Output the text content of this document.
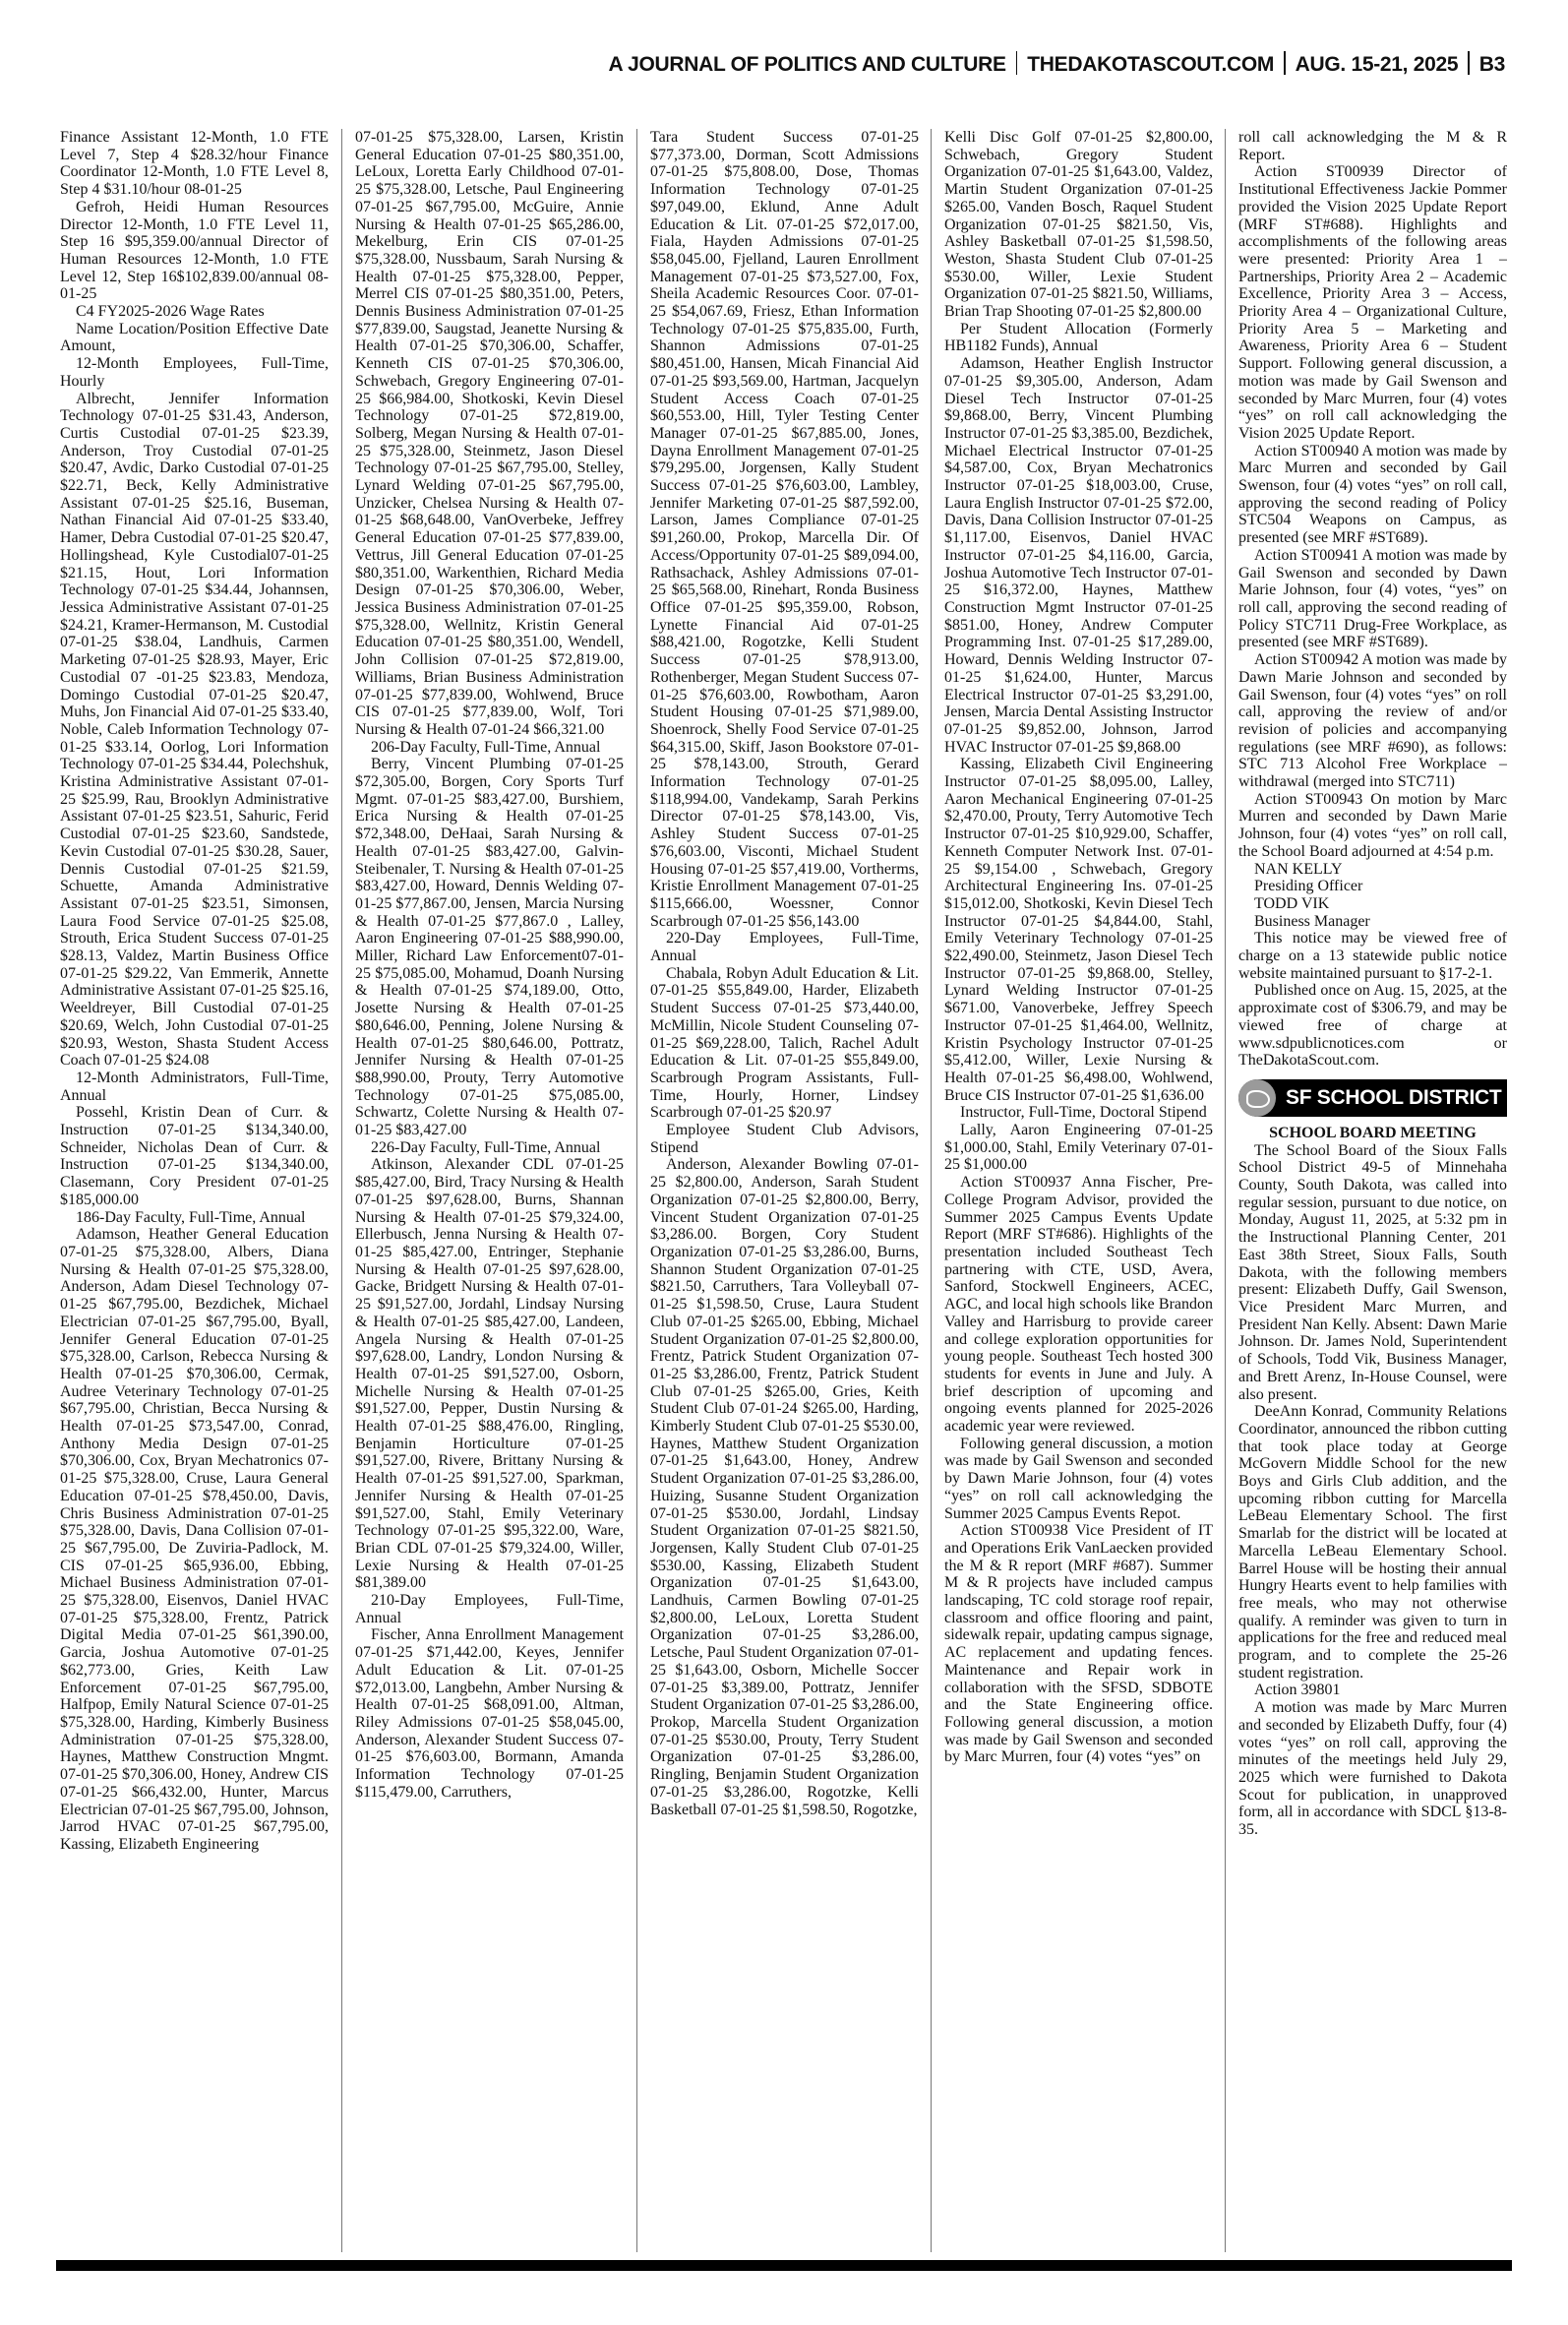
A JOURNAL OF POLITICS AND CULTURE THEDAKOTASCOUT.COM AUG. 15-21, 2025 B3

Finance Assistant 12-Month, 1.0 FTE Level 7, Step 4 $28.32/hour Finance Coordinator 12-Month, 1.0 FTE Level 8, Step 4 $31.10/hour 08-01-25

Gefroh, Heidi Human Resources Director 12-Month, 1.0 FTE Level 11, Step 16 $95,359.00/annual Director of Human Resources 12-Month, 1.0 FTE Level 12, Step 16$102,839.00/annual 08-01-25

C4 FY2025-2026 Wage Rates

Name Location/Position Effective Date Amount,

12-Month Employees, Full-Time, Hourly

Albrecht, Jennifer Information Technology 07-01-25 $31.43, Anderson, Curtis Custodial 07-01-25 $23.39, Anderson, Troy Custodial 07-01-25 $20.47, Avdic, Darko Custodial 07-01-25 $22.71, Beck, Kelly Administrative Assistant 07-01-25 $25.16, Buseman, Nathan Financial Aid 07-01-25 $33.40, Hamer, Debra Custodial 07-01-25 $20.47, Hollingshead, Kyle Custodial07-01-25 $21.15, Hout, Lori Information Technology 07-01-25 $34.44, Johannsen, Jessica Administrative Assistant 07-01-25 $24.21, Kramer-Hermanson, M. Custodial 07-01-25 $38.04, Landhuis, Carmen Marketing 07-01-25 $28.93, Mayer, Eric Custodial 07 -01-25 $23.83, Mendoza, Domingo Custodial 07-01-25 $20.47, Muhs, Jon Financial Aid 07-01-25 $33.40, Noble, Caleb Information Technology 07-01-25 $33.14, Oorlog, Lori Information Technology 07-01-25 $34.44, Polechshuk, Kristina Administrative Assistant 07-01-25 $25.99, Rau, Brooklyn Administrative Assistant 07-01-25 $23.51, Sahuric, Ferid Custodial 07-01-25 $23.60, Sandstede, Kevin Custodial 07-01-25 $30.28, Sauer, Dennis Custodial 07-01-25 $21.59, Schuette, Amanda Administrative Assistant 07-01-25 $23.51, Simonsen, Laura Food Service 07-01-25 $25.08, Strouth, Erica Student Success 07-01-25 $28.13, Valdez, Martin Business Office 07-01-25 $29.22, Van Emmerik, Annette Administrative Assistant 07-01-25 $25.16, Weeldreyer, Bill Custodial 07-01-25 $20.69, Welch, John Custodial 07-01-25 $20.93, Weston, Shasta Student Access Coach 07-01-25 $24.08

12-Month Administrators, Full-Time, Annual

Possehl, Kristin Dean of Curr. & Instruction 07-01-25 $134,340.00, Schneider, Nicholas Dean of Curr. & Instruction 07-01-25 $134,340.00, Clasemann, Cory President 07-01-25 $185,000.00

186-Day Faculty, Full-Time, Annual

Adamson, Heather General Education 07-01-25 $75,328.00, Albers, Diana Nursing & Health 07-01-25 $75,328.00, Anderson, Adam Diesel Technology 07-01-25 $67,795.00, Bezdichek, Michael Electrician 07-01-25 $67,795.00, Byall, Jennifer General Education 07-01-25 $75,328.00, Carlson, Rebecca Nursing & Health 07-01-25 $70,306.00, Cermak, Audree Veterinary Technology 07-01-25 $67,795.00, Christian, Becca Nursing & Health 07-01-25 $73,547.00, Conrad, Anthony Media Design 07-01-25 $70,306.00, Cox, Bryan Mechatronics 07-01-25 $75,328.00, Cruse, Laura General Education 07-01-25 $78,450.00, Davis, Chris Business Administration 07-01-25 $75,328.00, Davis, Dana Collision 07-01-25 $67,795.00, De Zuviria-Padlock, M. CIS 07-01-25 $65,936.00, Ebbing, Michael Business Administration 07-01-25 $75,328.00, Eisenvos, Daniel HVAC 07-01-25 $75,328.00, Frentz, Patrick Digital Media 07-01-25 $61,390.00, Garcia, Joshua Automotive 07-01-25 $62,773.00, Gries, Keith Law Enforcement 07-01-25 $67,795.00, Halfpop, Emily Natural Science 07-01-25 $75,328.00, Harding, Kimberly Business Administration 07-01-25 $75,328.00, Haynes, Matthew Construction Mngmt. 07-01-25 $70,306.00, Honey, Andrew CIS 07-01-25 $66,432.00, Hunter, Marcus Electrician 07-01-25 $67,795.00, Johnson, Jarrod HVAC 07-01-25 $67,795.00, Kassing, Elizabeth Engineering

07-01-25 $75,328.00, Larsen, Kristin General Education 07-01-25 $80,351.00, LeLoux, Loretta Early Childhood 07-01-25 $75,328.00, Letsche, Paul Engineering 07-01-25 $67,795.00, McGuire, Annie Nursing & Health 07-01-25 $65,286.00, Mekelburg, Erin CIS 07-01-25 $75,328.00, Nussbaum, Sarah Nursing & Health 07-01-25 $75,328.00, Pepper, Merrel CIS 07-01-25 $80,351.00, Peters, Dennis Business Administration 07-01-25 $77,839.00, Saugstad, Jeanette Nursing & Health 07-01-25 $70,306.00, Schaffer, Kenneth CIS 07-01-25 $70,306.00, Schwebach, Gregory Engineering 07-01-25 $66,984.00, Shotkoski, Kevin Diesel Technology 07-01-25 $72,819.00, Solberg, Megan Nursing & Health 07-01-25 $75,328.00, Steinmetz, Jason Diesel Technology 07-01-25 $67,795.00, Stelley, Lynard Welding 07-01-25 $67,795.00, Unzicker, Chelsea Nursing & Health 07-01-25 $68,648.00, VanOverbeke, Jeffrey General Education 07-01-25 $77,839.00, Vettrus, Jill General Education 07-01-25 $80,351.00, Warkenthien, Richard Media Design 07-01-25 $70,306.00, Weber, Jessica Business Administration 07-01-25 $75,328.00, Wellnitz, Kristin General Education 07-01-25 $80,351.00, Wendell, John Collision 07-01-25 $72,819.00, Williams, Brian Business Administration 07-01-25 $77,839.00, Wohlwend, Bruce CIS 07-01-25 $77,839.00, Wolf, Tori Nursing & Health 07-01-24 $66,321.00

206-Day Faculty, Full-Time, Annual

Berry, Vincent Plumbing 07-01-25 $72,305.00, Borgen, Cory Sports Turf Mgmt. 07-01-25 $83,427.00, Burshiem, Erica Nursing & Health 07-01-25 $72,348.00, DeHaai, Sarah Nursing & Health 07-01-25 $83,427.00, Galvin-Steibenaler, T. Nursing & Health 07-01-25 $83,427.00, Howard, Dennis Welding 07-01-25 $77,867.00, Jensen, Marcia Nursing & Health 07-01-25 $77,867.0 , Lalley, Aaron Engineering 07-01-25 $88,990.00, Miller, Richard Law Enforcement07-01-25 $75,085.00, Mohamud, Doanh Nursing & Health 07-01-25 $74,189.00, Otto, Josette Nursing & Health 07-01-25 $80,646.00, Penning, Jolene Nursing & Health 07-01-25 $80,646.00, Pottratz, Jennifer Nursing & Health 07-01-25 $88,990.00, Prouty, Terry Automotive Technology 07-01-25 $75,085.00, Schwartz, Colette Nursing & Health 07-01-25 $83,427.00

226-Day Faculty, Full-Time, Annual

Atkinson, Alexander CDL 07-01-25 $85,427.00, Bird, Tracy Nursing & Health 07-01-25 $97,628.00, Burns, Shannan Nursing & Health 07-01-25 $79,324.00, Ellerbusch, Jenna Nursing & Health 07-01-25 $85,427.00, Entringer, Stephanie Nursing & Health 07-01-25 $97,628.00, Gacke, Bridgett Nursing & Health 07-01-25 $91,527.00, Jordahl, Lindsay Nursing & Health 07-01-25 $85,427.00, Landeen, Angela Nursing & Health 07-01-25 $97,628.00, Landry, London Nursing & Health 07-01-25 $91,527.00, Osborn, Michelle Nursing & Health 07-01-25 $91,527.00, Pepper, Dustin Nursing & Health 07-01-25 $88,476.00, Ringling, Benjamin Horticulture 07-01-25 $91,527.00, Rivere, Brittany Nursing & Health 07-01-25 $91,527.00, Sparkman, Jennifer Nursing & Health 07-01-25 $91,527.00, Stahl, Emily Veterinary Technology 07-01-25 $95,322.00, Ware, Brian CDL 07-01-25 $79,324.00, Willer, Lexie Nursing & Health 07-01-25 $81,389.00

210-Day Employees, Full-Time, Annual

Fischer, Anna Enrollment Management 07-01-25 $71,442.00, Keyes, Jennifer Adult Education & Lit. 07-01-25 $72,013.00, Langbehn, Amber Nursing & Health 07-01-25 $68,091.00, Altman, Riley Admissions 07-01-25 $58,045.00, Anderson, Alexander Student Success 07-01-25 $76,603.00, Bormann, Amanda Information Technology 07-01-25 $115,479.00, Carruthers,

Tara Student Success 07-01-25 $77,373.00, Dorman, Scott Admissions 07-01-25 $75,808.00, Dose, Thomas Information Technology 07-01-25 $97,049.00, Eklund, Anne Adult Education & Lit. 07-01-25 $72,017.00, Fiala, Hayden Admissions 07-01-25 $58,045.00, Fjelland, Lauren Enrollment Management 07-01-25 $73,527.00, Fox, Sheila Academic Resources Coor. 07-01-25 $54,067.69, Friesz, Ethan Information Technology 07-01-25 $75,835.00, Furth, Shannon Admissions 07-01-25 $80,451.00, Hansen, Micah Financial Aid 07-01-25 $93,569.00, Hartman, Jacquelyn Student Access Coach 07-01-25 $60,553.00, Hill, Tyler Testing Center Manager 07-01-25 $67,885.00, Jones, Dayna Enrollment Management 07-01-25 $79,295.00, Jorgensen, Kally Student Success 07-01-25 $76,603.00, Lambley, Jennifer Marketing 07-01-25 $87,592.00, Larson, James Compliance 07-01-25 $91,260.00, Prokop, Marcella Dir. Of Access/Opportunity 07-01-25 $89,094.00, Rathsachack, Ashley Admissions 07-01-25 $65,568.00, Rinehart, Ronda Business Office 07-01-25 $95,359.00, Robson, Lynette Financial Aid 07-01-25 $88,421.00, Rogotzke, Kelli Student Success 07-01-25 $78,913.00, Rothenberger, Megan Student Success 07-01-25 $76,603.00, Rowbotham, Aaron Student Housing 07-01-25 $71,989.00, Shoenrock, Shelly Food Service 07-01-25 $64,315.00, Skiff, Jason Bookstore 07-01-25 $78,143.00, Strouth, Gerard Information Technology 07-01-25 $118,994.00, Vandekamp, Sarah Perkins Director 07-01-25 $78,143.00, Vis, Ashley Student Success 07-01-25 $76,603.00, Visconti, Michael Student Housing 07-01-25 $57,419.00, Vortherms, Kristie Enrollment Management 07-01-25 $115,666.00, Woessner, Connor Scarbrough 07-01-25 $56,143.00

220-Day Employees, Full-Time, Annual

Chabala, Robyn Adult Education & Lit. 07-01-25 $55,849.00, Harder, Elizabeth Student Success 07-01-25 $73,440.00, McMillin, Nicole Student Counseling 07-01-25 $69,228.00, Talich, Rachel Adult Education & Lit. 07-01-25 $55,849.00, Scarbrough Program Assistants, Full-Time, Hourly, Horner, Lindsey Scarbrough 07-01-25 $20.97

Employee Student Club Advisors, Stipend

Anderson, Alexander Bowling 07-01-25 $2,800.00, Anderson, Sarah Student Organization 07-01-25 $2,800.00, Berry, Vincent Student Organization 07-01-25 $3,286.00. Borgen, Cory Student Organization 07-01-25 $3,286.00, Burns, Shannon Student Organization 07-01-25 $821.50, Carruthers, Tara Volleyball 07-01-25 $1,598.50, Cruse, Laura Student Club 07-01-25 $265.00, Ebbing, Michael Student Organization 07-01-25 $2,800.00, Frentz, Patrick Student Organization 07-01-25 $3,286.00, Frentz, Patrick Student Club 07-01-25 $265.00, Gries, Keith Student Club 07-01-24 $265.00, Harding, Kimberly Student Club 07-01-25 $530.00, Haynes, Matthew Student Organization 07-01-25 $1,643.00, Honey, Andrew Student Organization 07-01-25 $3,286.00, Huizing, Susanne Student Organization 07-01-25 $530.00, Jordahl, Lindsay Student Organization 07-01-25 $821.50, Jorgensen, Kally Student Club 07-01-25 $530.00, Kassing, Elizabeth Student Organization 07-01-25 $1,643.00, Landhuis, Carmen Bowling 07-01-25 $2,800.00, LeLoux, Loretta Student Organization 07-01-25 $3,286.00, Letsche, Paul Student Organization 07-01-25 $1,643.00, Osborn, Michelle Soccer 07-01-25 $3,389.00, Pottratz, Jennifer Student Organization 07-01-25 $3,286.00, Prokop, Marcella Student Organization 07-01-25 $530.00, Prouty, Terry Student Organization 07-01-25 $3,286.00, Ringling, Benjamin Student Organization 07-01-25 $3,286.00, Rogotzke, Kelli Basketball 07-01-25 $1,598.50, Rogotzke,

Kelli Disc Golf 07-01-25 $2,800.00, Schwebach, Gregory Student Organization 07-01-25 $1,643.00, Valdez, Martin Student Organization 07-01-25 $265.00, Vanden Bosch, Raquel Student Organization 07-01-25 $821.50, Vis, Ashley Basketball 07-01-25 $1,598.50, Weston, Shasta Student Club 07-01-25 $530.00, Willer, Lexie Student Organization 07-01-25 $821.50, Williams, Brian Trap Shooting 07-01-25 $2,800.00

Per Student Allocation (Formerly HB1182 Funds), Annual

Adamson, Heather English Instructor 07-01-25 $9,305.00, Anderson, Adam Diesel Tech Instructor 07-01-25 $9,868.00, Berry, Vincent Plumbing Instructor 07-01-25 $3,385.00, Bezdichek, Michael Electrical Instructor 07-01-25 $4,587.00, Cox, Bryan Mechatronics Instructor 07-01-25 $18,003.00, Cruse, Laura English Instructor 07-01-25 $72.00, Davis, Dana Collision Instructor 07-01-25 $1,117.00, Eisenvos, Daniel HVAC Instructor 07-01-25 $4,116.00, Garcia, Joshua Automotive Tech Instructor 07-01-25 $16,372.00, Haynes, Matthew Construction Mgmt Instructor 07-01-25 $851.00, Honey, Andrew Computer Programming Inst. 07-01-25 $17,289.00, Howard, Dennis Welding Instructor 07-01-25 $1,624.00, Hunter, Marcus Electrical Instructor 07-01-25 $3,291.00, Jensen, Marcia Dental Assisting Instructor 07-01-25 $9,852.00, Johnson, Jarrod HVAC Instructor 07-01-25 $9,868.00

Kassing, Elizabeth Civil Engineering Instructor 07-01-25 $8,095.00, Lalley, Aaron Mechanical Engineering 07-01-25 $2,470.00, Prouty, Terry Automotive Tech Instructor 07-01-25 $10,929.00, Schaffer, Kenneth Computer Network Inst. 07-01-25 $9,154.00 , Schwebach, Gregory Architectural Engineering Ins. 07-01-25 $15,012.00, Shotkoski, Kevin Diesel Tech Instructor 07-01-25 $4,844.00, Stahl, Emily Veterinary Technology 07-01-25 $22,490.00, Steinmetz, Jason Diesel Tech Instructor 07-01-25 $9,868.00, Stelley, Lynard Welding Instructor 07-01-25 $671.00, Vanoverbeke, Jeffrey Speech Instructor 07-01-25 $1,464.00, Wellnitz, Kristin Psychology Instructor 07-01-25 $5,412.00, Willer, Lexie Nursing & Health 07-01-25 $6,498.00, Wohlwend, Bruce CIS Instructor 07-01-25 $1,636.00

Instructor, Full-Time, Doctoral Stipend

Lally, Aaron Engineering 07-01-25 $1,000.00, Stahl, Emily Veterinary 07-01-25 $1,000.00

Action ST00937 Anna Fischer, Pre-College Program Advisor, provided the Summer 2025 Campus Events Update Report (MRF ST#686). Highlights of the presentation included Southeast Tech partnering with CTE, USD, Avera, Sanford, Stockwell Engineers, ACEC, AGC, and local high schools like Brandon Valley and Harrisburg to provide career and college exploration opportunities for young people. Southeast Tech hosted 300 students for events in June and July. A brief description of upcoming and ongoing events planned for 2025-2026 academic year were reviewed.

Following general discussion, a motion was made by Gail Swenson and seconded by Dawn Marie Johnson, four (4) votes “yes” on roll call acknowledging the Summer 2025 Campus Events Repot.

Action ST00938 Vice President of IT and Operations Erik VanLaecken provided the M & R report (MRF #687). Summer M & R projects have included campus landscaping, TC cold storage roof repair, classroom and office flooring and paint, sidewalk repair, updating campus signage, AC replacement and updating fences. Maintenance and Repair work in collaboration with the SFSD, SDBOTE and the State Engineering office. Following general discussion, a motion was made by Gail Swenson and seconded by Marc Murren, four (4) votes “yes” on

roll call acknowledging the M & R Report.

Action ST00939 Director of Institutional Effectiveness Jackie Pommer provided the Vision 2025 Update Report (MRF ST#688). Highlights and accomplishments of the following areas were presented: Priority Area 1 – Partnerships, Priority Area 2 – Academic Excellence, Priority Area 3 – Access, Priority Area 4 – Organizational Culture, Priority Area 5 – Marketing and Awareness, Priority Area 6 – Student Support. Following general discussion, a motion was made by Gail Swenson and seconded by Marc Murren, four (4) votes “yes” on roll call acknowledging the Vision 2025 Update Report.

Action ST00940 A motion was made by Marc Murren and seconded by Gail Swenson, four (4) votes “yes” on roll call, approving the second reading of Policy STC504 Weapons on Campus, as presented (see MRF #ST689).

Action ST00941 A motion was made by Gail Swenson and seconded by Dawn Marie Johnson, four (4) votes, “yes” on roll call, approving the second reading of Policy STC711 Drug-Free Workplace, as presented (see MRF #ST689).

Action ST00942 A motion was made by Dawn Marie Johnson and seconded by Gail Swenson, four (4) votes “yes” on roll call, approving the review of and/or revision of policies and accompanying regulations (see MRF #690), as follows: STC 713 Alcohol Free Workplace – withdrawal (merged into STC711)

Action ST00943 On motion by Marc Murren and seconded by Dawn Marie Johnson, four (4) votes “yes” on roll call, the School Board adjourned at 4:54 p.m.

NAN KELLY

Presiding Officer

TODD VIK

Business Manager

This notice may be viewed free of charge on a 13 statewide public notice website maintained pursuant to §17-2-1.

Published once on Aug. 15, 2025, at the approximate cost of $306.79, and may be viewed free of charge at www.sdpublicnotices.com or TheDakotaScout.com.

SF SCHOOL DISTRICT
SCHOOL BOARD MEETING

The School Board of the Sioux Falls School District 49-5 of Minnehaha County, South Dakota, was called into regular session, pursuant to due notice, on Monday, August 11, 2025, at 5:32 pm in the Instructional Planning Center, 201 East 38th Street, Sioux Falls, South Dakota, with the following members present: Elizabeth Duffy, Gail Swenson, Vice President Marc Murren, and President Nan Kelly. Absent: Dawn Marie Johnson. Dr. James Nold, Superintendent of Schools, Todd Vik, Business Manager, and Brett Arenz, In-House Counsel, were also present.

DeeAnn Konrad, Community Relations Coordinator, announced the ribbon cutting that took place today at George McGovern Middle School for the new Boys and Girls Club addition, and the upcoming ribbon cutting for Marcella LeBeau Elementary School. The first Smarlab for the district will be located at Marcella LeBeau Elementary School. Barrel House will be hosting their annual Hungry Hearts event to help families with free meals, who may not otherwise qualify. A reminder was given to turn in applications for the free and reduced meal program, and to complete the 25-26 student registration.

Action 39801

A motion was made by Marc Murren and seconded by Elizabeth Duffy, four (4) votes “yes” on roll call, approving the minutes of the meetings held July 29, 2025 which were furnished to Dakota Scout for publication, in unapproved form, all in accordance with SDCL §13-8-35.
